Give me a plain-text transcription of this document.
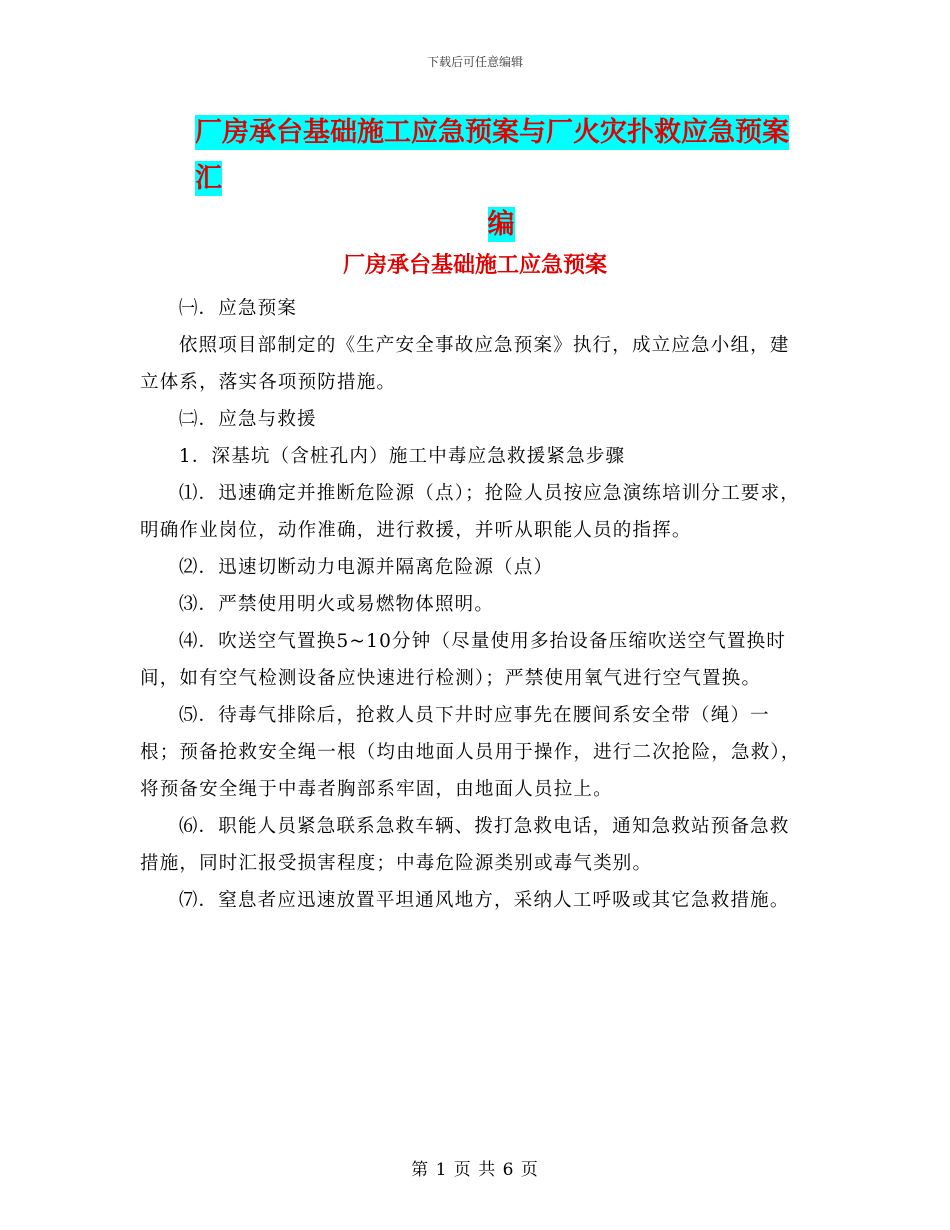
下载后可任意编辑
厂房承台基础施工应急预案与厂火灾扑救应急预案汇
编
厂房承台基础施工应急预案

㈠．应急预案

依照项目部制定的《生产安全事故应急预案》执行，成立应急小组，建立体系，落实各项预防措施。

㈡．应急与救援

1．深基坑（含桩孔内）施工中毒应急救援紧急步骤

⑴．迅速确定并推断危险源（点）；抢险人员按应急演练培训分工要求，明确作业岗位，动作准确，进行救援，并听从职能人员的指挥。

⑵．迅速切断动力电源并隔离危险源（点）

⑶．严禁使用明火或易燃物体照明。

⑷．吹送空气置换5~10分钟（尽量使用多抬设备压缩吹送空气置换时间，如有空气检测设备应快速进行检测）；严禁使用氧气进行空气置换。

⑸．待毒气排除后，抢救人员下井时应事先在腰间系安全带（绳）一根；预备抢救安全绳一根（均由地面人员用于操作，进行二次抢险，急救），将预备安全绳于中毒者胸部系牢固，由地面人员拉上。

⑹．职能人员紧急联系急救车辆、拨打急救电话，通知急救站预备急救措施，同时汇报受损害程度；中毒危险源类别或毒气类别。

⑺．窒息者应迅速放置平坦通风地方，采纳人工呼吸或其它急救措施。

第 1 页 共 6 页
